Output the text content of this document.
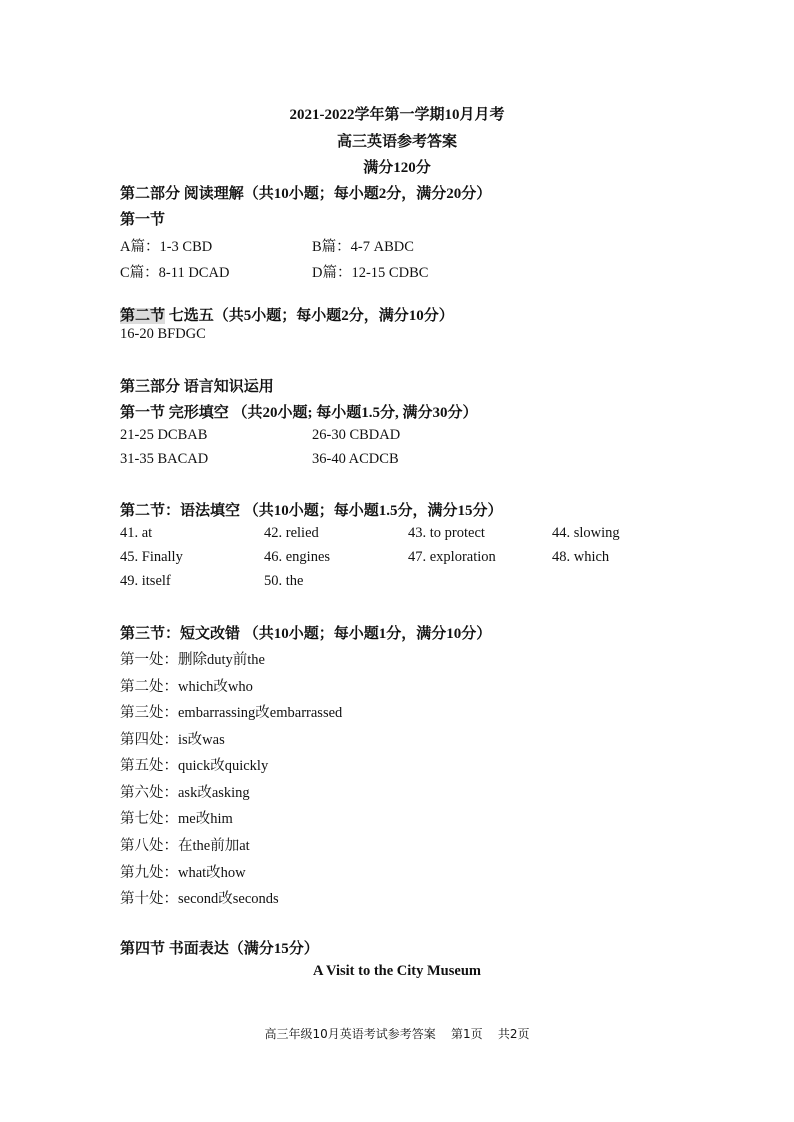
2021-2022学年第一学期10月月考
高三英语参考答案
满分120分
第二部分 阅读理解（共10小题；每小题2分，满分20分）
第一节
A篇：1-3 CBD	B篇：4-7 ABDC
C篇：8-11 DCAD	D篇：12-15 CDBC
第二节 七选五（共5小题；每小题2分，满分10分）
16-20 BFDGC
第三部分 语言知识运用
第一节 完形填空 （共20小题; 每小题1.5分, 满分30分）
21-25 DCBAB	26-30 CBDAD
31-35 BACAD	36-40 ACDCB
第二节：语法填空 （共10小题；每小题1.5分，满分15分）
41. at	42. relied	43. to protect	44. slowing
45. Finally	46. engines	47. exploration	48. which
49. itself	50. the
第三节：短文改错 （共10小题；每小题1分，满分10分）
第一处：删除duty前the
第二处：which改who
第三处：embarrassing改embarrassed
第四处：is改was
第五处：quick改quickly
第六处：ask改asking
第七处：me改him
第八处：在the前加at
第九处：what改how
第十处：second改seconds
第四节 书面表达（满分15分）
A Visit to the City Museum
高三年级10月英语考试参考答案    第1页    共2页
